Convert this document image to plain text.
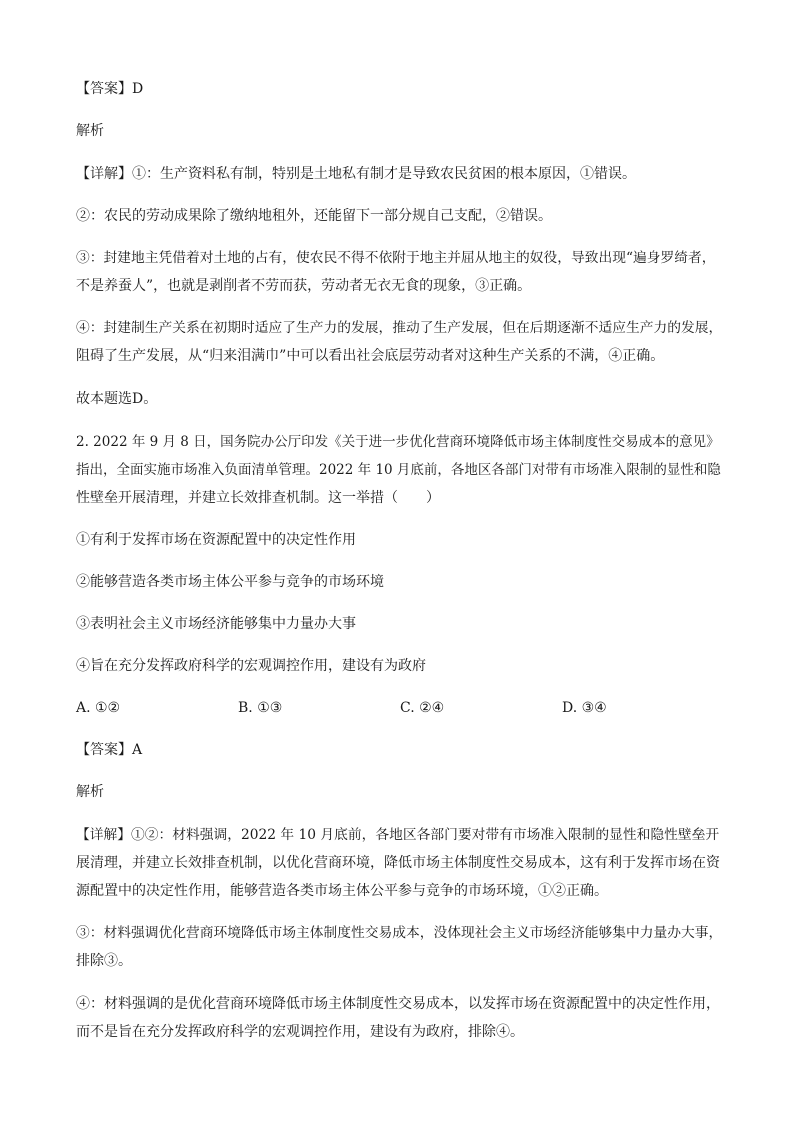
【答案】D
解析
【详解】①：生产资料私有制，特别是土地私有制才是导致农民贫困的根本原因，①错误。
②：农民的劳动成果除了缴纳地租外，还能留下一部分规自己支配，②错误。
③：封建地主凭借着对土地的占有，使农民不得不依附于地主并屈从地主的奴役，导致出现“遍身罗绮者，
不是养蚕人”，也就是剥削者不劳而获，劳动者无衣无食的现象，③正确。
④：封建制生产关系在初期时适应了生产力的发展，推动了生产发展，但在后期逐渐不适应生产力的发展，
阻碍了生产发展，从“归来泪满巾”中可以看出社会底层劳动者对这种生产关系的不满，④正确。
故本题选D。
2. 2022 年 9 月 8 日，国务院办公厅印发《关于进一步优化营商环境降低市场主体制度性交易成本的意见》
指出，全面实施市场准入负面清单管理。2022 年 10 月底前，各地区各部门对带有市场准入限制的显性和隐
性壁垒开展清理，并建立长效排查机制。这一举措（　　）
①有利于发挥市场在资源配置中的决定性作用
②能够营造各类市场主体公平参与竞争的市场环境
③表明社会主义市场经济能够集中力量办大事
④旨在充分发挥政府科学的宏观调控作用，建设有为政府
A. ①②	B. ①③	C. ②④	D. ③④
【答案】A
解析
【详解】①②：材料强调，2022 年 10 月底前，各地区各部门要对带有市场准入限制的显性和隐性壁垒开
展清理，并建立长效排查机制，以优化营商环境，降低市场主体制度性交易成本，这有利于发挥市场在资
源配置中的决定性作用，能够营造各类市场主体公平参与竞争的市场环境，①②正确。
③：材料强调优化营商环境降低市场主体制度性交易成本，没体现社会主义市场经济能够集中力量办大事，
排除③。
④：材料强调的是优化营商环境降低市场主体制度性交易成本，以发挥市场在资源配置中的决定性作用，
而不是旨在充分发挥政府科学的宏观调控作用，建设有为政府，排除④。
